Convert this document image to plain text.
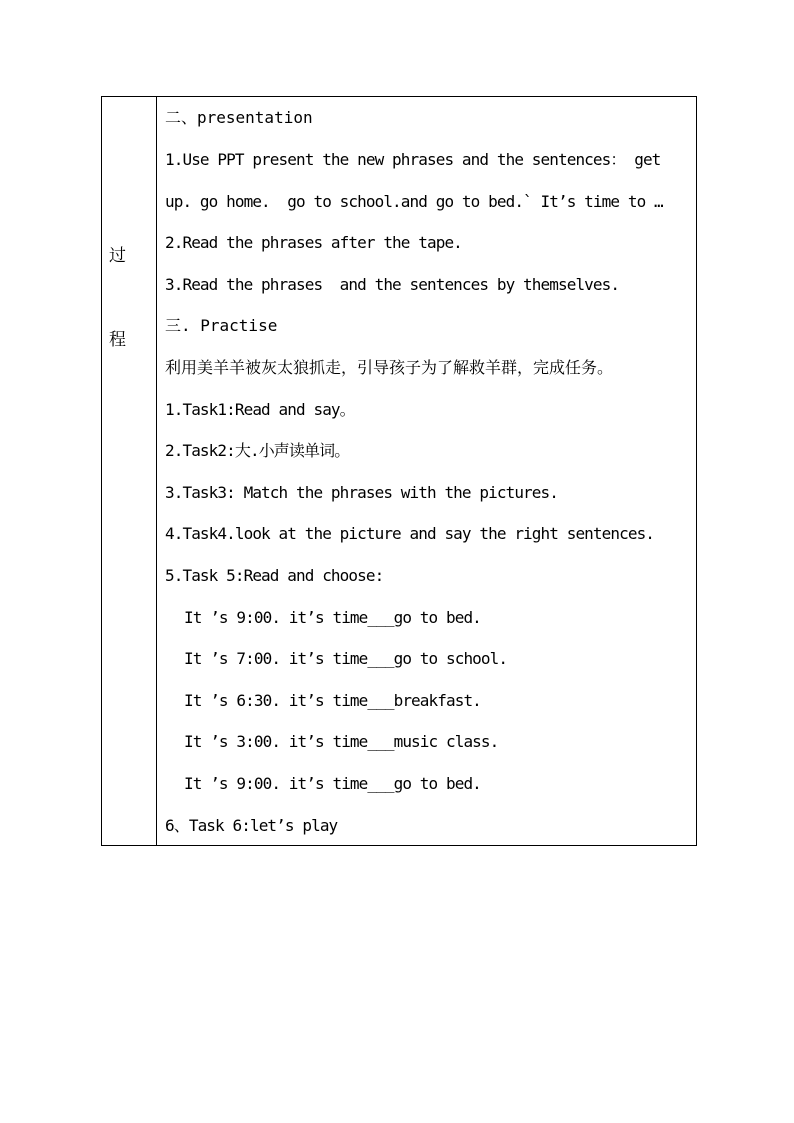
过
程
二、presentation
1.Use PPT present the new phrases and the sentences： get
up. go home.  go to school.and go to bed.` It’s time to …
2.Read the phrases after the tape.
3.Read the phrases  and the sentences by themselves.
三. Practise
利用美羊羊被灰太狼抓走，引导孩子为了解救羊群，完成任务。
1.Task1:Read and say。
2.Task2:大.小声读单词。
3.Task3: Match the phrases with the pictures.
4.Task4.look at the picture and say the right sentences.
5.Task 5:Read and choose:
It ’s 9:00. it’s time___go to bed.
It ’s 7:00. it’s time___go to school.
It ’s 6:30. it’s time___breakfast.
It ’s 3:00. it’s time___music class.
It ’s 9:00. it’s time___go to bed.
6、Task 6:let’s play
